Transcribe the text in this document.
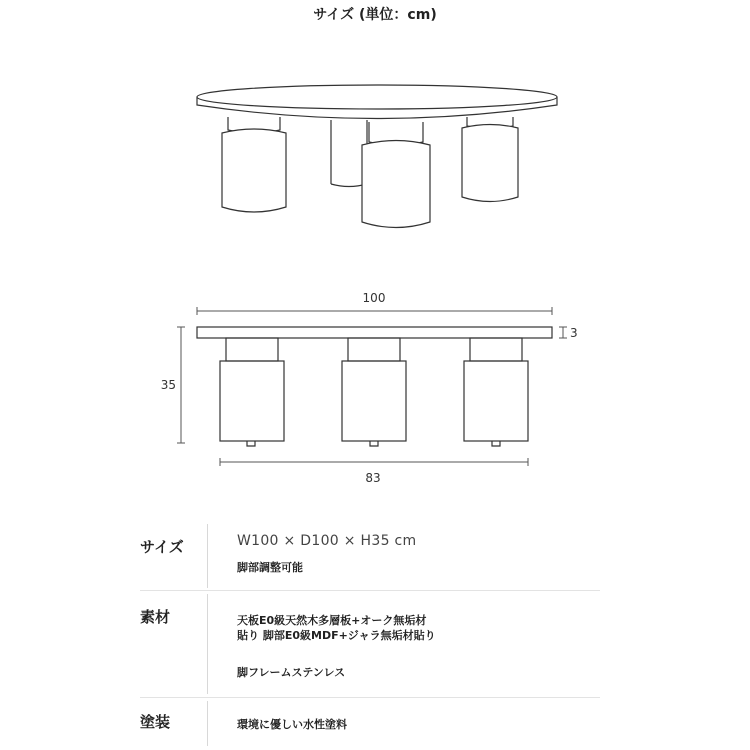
サイズ (単位：cm)
100
3
35
83
サイズ	W100 × D100 × H35 cm
脚部調整可能
素材	天板E0級天然木多層板+オーク無垢材
貼り 脚部E0級MDF+ジャラ無垢材貼り
脚フレームステンレス
塗装	環境に優しい水性塗料
